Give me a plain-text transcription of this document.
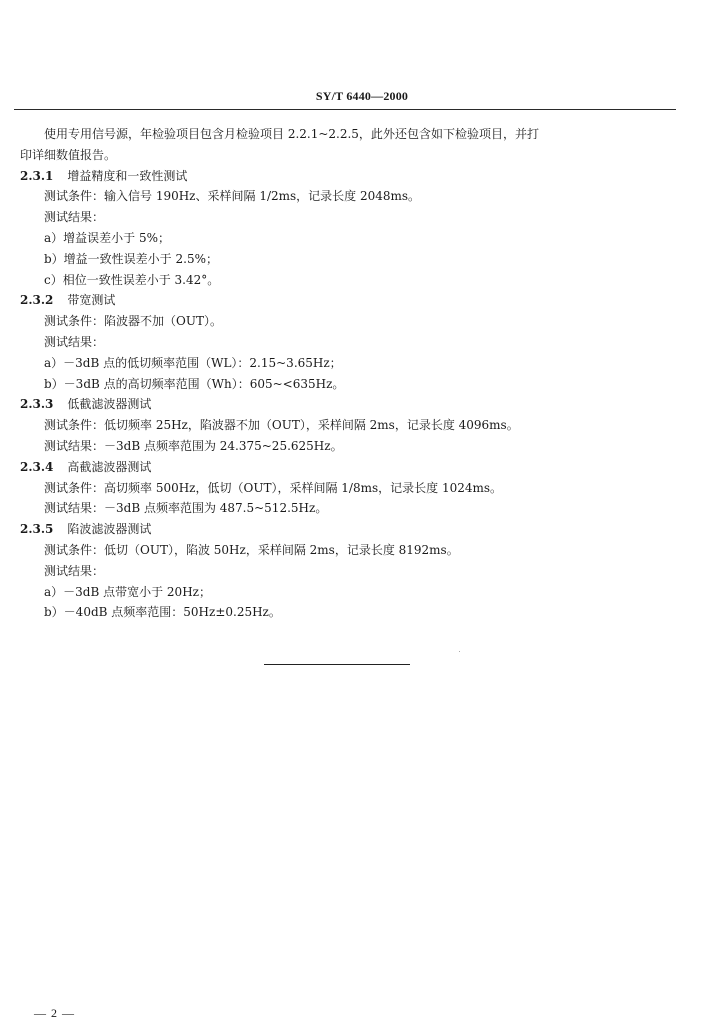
SY/T 6440—2000
使用专用信号源，年检验项目包含月检验项目 2.2.1~2.2.5，此外还包含如下检验项目，并打
印详细数值报告。
2.3.1 增益精度和一致性测试
测试条件：输入信号 190Hz、采样间隔 1/2ms，记录长度 2048ms。
测试结果：
a）增益误差小于 5%；
b）增益一致性误差小于 2.5%；
c）相位一致性误差小于 3.42°。
2.3.2 带宽测试
测试条件：陷波器不加（OUT）。
测试结果：
a）－3dB 点的低切频率范围（WL）：2.15~3.65Hz；
b）－3dB 点的高切频率范围（Wh）：605~<635Hz。
2.3.3 低截滤波器测试
测试条件：低切频率 25Hz，陷波器不加（OUT），采样间隔 2ms，记录长度 4096ms。
测试结果：－3dB 点频率范围为 24.375~25.625Hz。
2.3.4 高截滤波器测试
测试条件：高切频率 500Hz，低切（OUT），采样间隔 1/8ms，记录长度 1024ms。
测试结果：－3dB 点频率范围为 487.5~512.5Hz。
2.3.5 陷波滤波器测试
测试条件：低切（OUT），陷波 50Hz，采样间隔 2ms，记录长度 8192ms。
测试结果：
a）－3dB 点带宽小于 20Hz；
b）－40dB 点频率范围：50Hz±0.25Hz。
— 2 —
